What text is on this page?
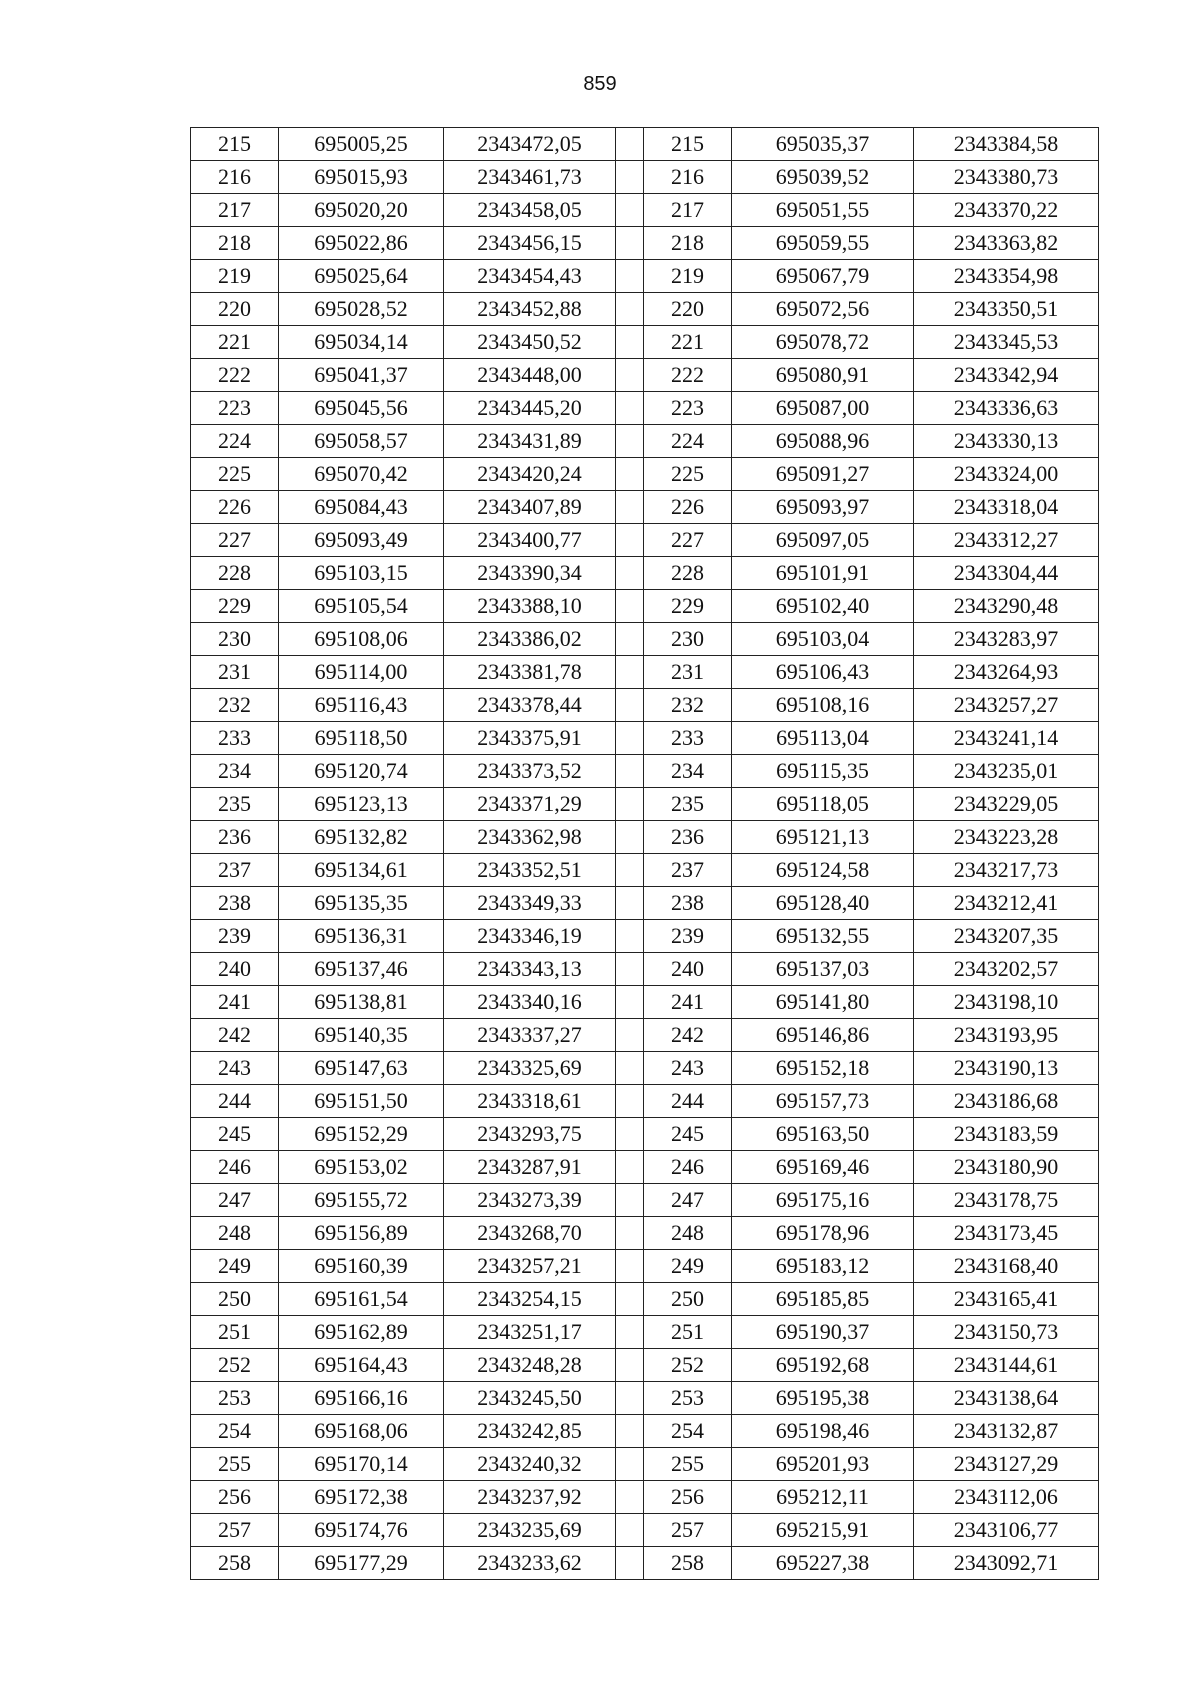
859
215	695005,25	2343472,05		215	695035,37	2343384,58
216	695015,93	2343461,73		216	695039,52	2343380,73
217	695020,20	2343458,05		217	695051,55	2343370,22
218	695022,86	2343456,15		218	695059,55	2343363,82
219	695025,64	2343454,43		219	695067,79	2343354,98
220	695028,52	2343452,88		220	695072,56	2343350,51
221	695034,14	2343450,52		221	695078,72	2343345,53
222	695041,37	2343448,00		222	695080,91	2343342,94
223	695045,56	2343445,20		223	695087,00	2343336,63
224	695058,57	2343431,89		224	695088,96	2343330,13
225	695070,42	2343420,24		225	695091,27	2343324,00
226	695084,43	2343407,89		226	695093,97	2343318,04
227	695093,49	2343400,77		227	695097,05	2343312,27
228	695103,15	2343390,34		228	695101,91	2343304,44
229	695105,54	2343388,10		229	695102,40	2343290,48
230	695108,06	2343386,02		230	695103,04	2343283,97
231	695114,00	2343381,78		231	695106,43	2343264,93
232	695116,43	2343378,44		232	695108,16	2343257,27
233	695118,50	2343375,91		233	695113,04	2343241,14
234	695120,74	2343373,52		234	695115,35	2343235,01
235	695123,13	2343371,29		235	695118,05	2343229,05
236	695132,82	2343362,98		236	695121,13	2343223,28
237	695134,61	2343352,51		237	695124,58	2343217,73
238	695135,35	2343349,33		238	695128,40	2343212,41
239	695136,31	2343346,19		239	695132,55	2343207,35
240	695137,46	2343343,13		240	695137,03	2343202,57
241	695138,81	2343340,16		241	695141,80	2343198,10
242	695140,35	2343337,27		242	695146,86	2343193,95
243	695147,63	2343325,69		243	695152,18	2343190,13
244	695151,50	2343318,61		244	695157,73	2343186,68
245	695152,29	2343293,75		245	695163,50	2343183,59
246	695153,02	2343287,91		246	695169,46	2343180,90
247	695155,72	2343273,39		247	695175,16	2343178,75
248	695156,89	2343268,70		248	695178,96	2343173,45
249	695160,39	2343257,21		249	695183,12	2343168,40
250	695161,54	2343254,15		250	695185,85	2343165,41
251	695162,89	2343251,17		251	695190,37	2343150,73
252	695164,43	2343248,28		252	695192,68	2343144,61
253	695166,16	2343245,50		253	695195,38	2343138,64
254	695168,06	2343242,85		254	695198,46	2343132,87
255	695170,14	2343240,32		255	695201,93	2343127,29
256	695172,38	2343237,92		256	695212,11	2343112,06
257	695174,76	2343235,69		257	695215,91	2343106,77
258	695177,29	2343233,62		258	695227,38	2343092,71
